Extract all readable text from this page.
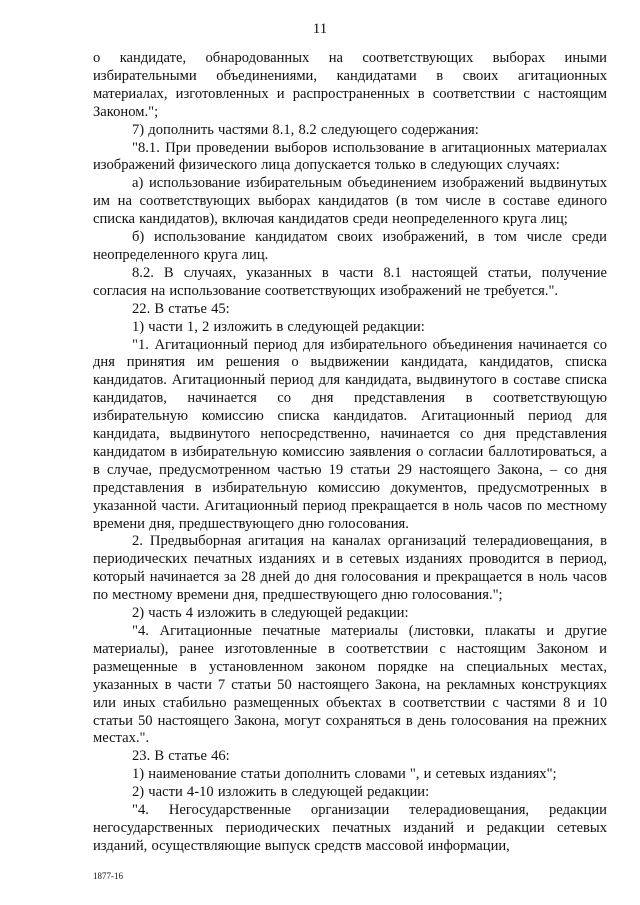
11

о кандидате, обнародованных на соответствующих выборах иными избирательными объединениями, кандидатами в своих агитационных материалах, изготовленных и распространенных в соответствии с настоящим Законом.";

7) дополнить частями 8.1, 8.2 следующего содержания:

"8.1. При проведении выборов использование в агитационных материалах изображений физического лица допускается только в следующих случаях:

а) использование избирательным объединением изображений выдвинутых им на соответствующих выборах кандидатов (в том числе в составе единого списка кандидатов), включая кандидатов среди неопределенного круга лиц;

б) использование кандидатом своих изображений, в том числе среди неопределенного круга лиц.

8.2. В случаях, указанных в части 8.1 настоящей статьи, получение согласия на использование соответствующих изображений не требуется.".

22. В статье 45:

1) части 1, 2 изложить в следующей редакции:

"1. Агитационный период для избирательного объединения начинается со дня принятия им решения о выдвижении кандидата, кандидатов, списка кандидатов. Агитационный период для кандидата, выдвинутого в составе списка кандидатов, начинается со дня представления в соответствующую избирательную комиссию списка кандидатов. Агитационный период для кандидата, выдвинутого непосредственно, начинается со дня представления кандидатом в избирательную комиссию заявления о согласии баллотироваться, а в случае, предусмотренном частью 19 статьи 29 настоящего Закона, – со дня представления в избирательную комиссию документов, предусмотренных в указанной части. Агитационный период прекращается в ноль часов по местному времени дня, предшествующего дню голосования.

2. Предвыборная агитация на каналах организаций телерадиовещания, в периодических печатных изданиях и в сетевых изданиях проводится в период, который начинается за 28 дней до дня голосования и прекращается в ноль часов по местному времени дня, предшествующего дню голосования.";

2) часть 4 изложить в следующей редакции:

"4. Агитационные печатные материалы (листовки, плакаты и другие материалы), ранее изготовленные в соответствии с настоящим Законом и размещенные в установленном законом порядке на специальных местах, указанных в части 7 статьи 50 настоящего Закона, на рекламных конструкциях или иных стабильно размещенных объектах в соответствии с частями 8 и 10 статьи 50 настоящего Закона, могут сохраняться в день голосования на прежних местах.".

23. В статье 46:

1) наименование статьи дополнить словами ", и сетевых изданиях";

2) части 4-10 изложить в следующей редакции:

"4. Негосударственные организации телерадиовещания, редакции негосударственных периодических печатных изданий и редакции сетевых изданий, осуществляющие выпуск средств массовой информации,

1877-16
